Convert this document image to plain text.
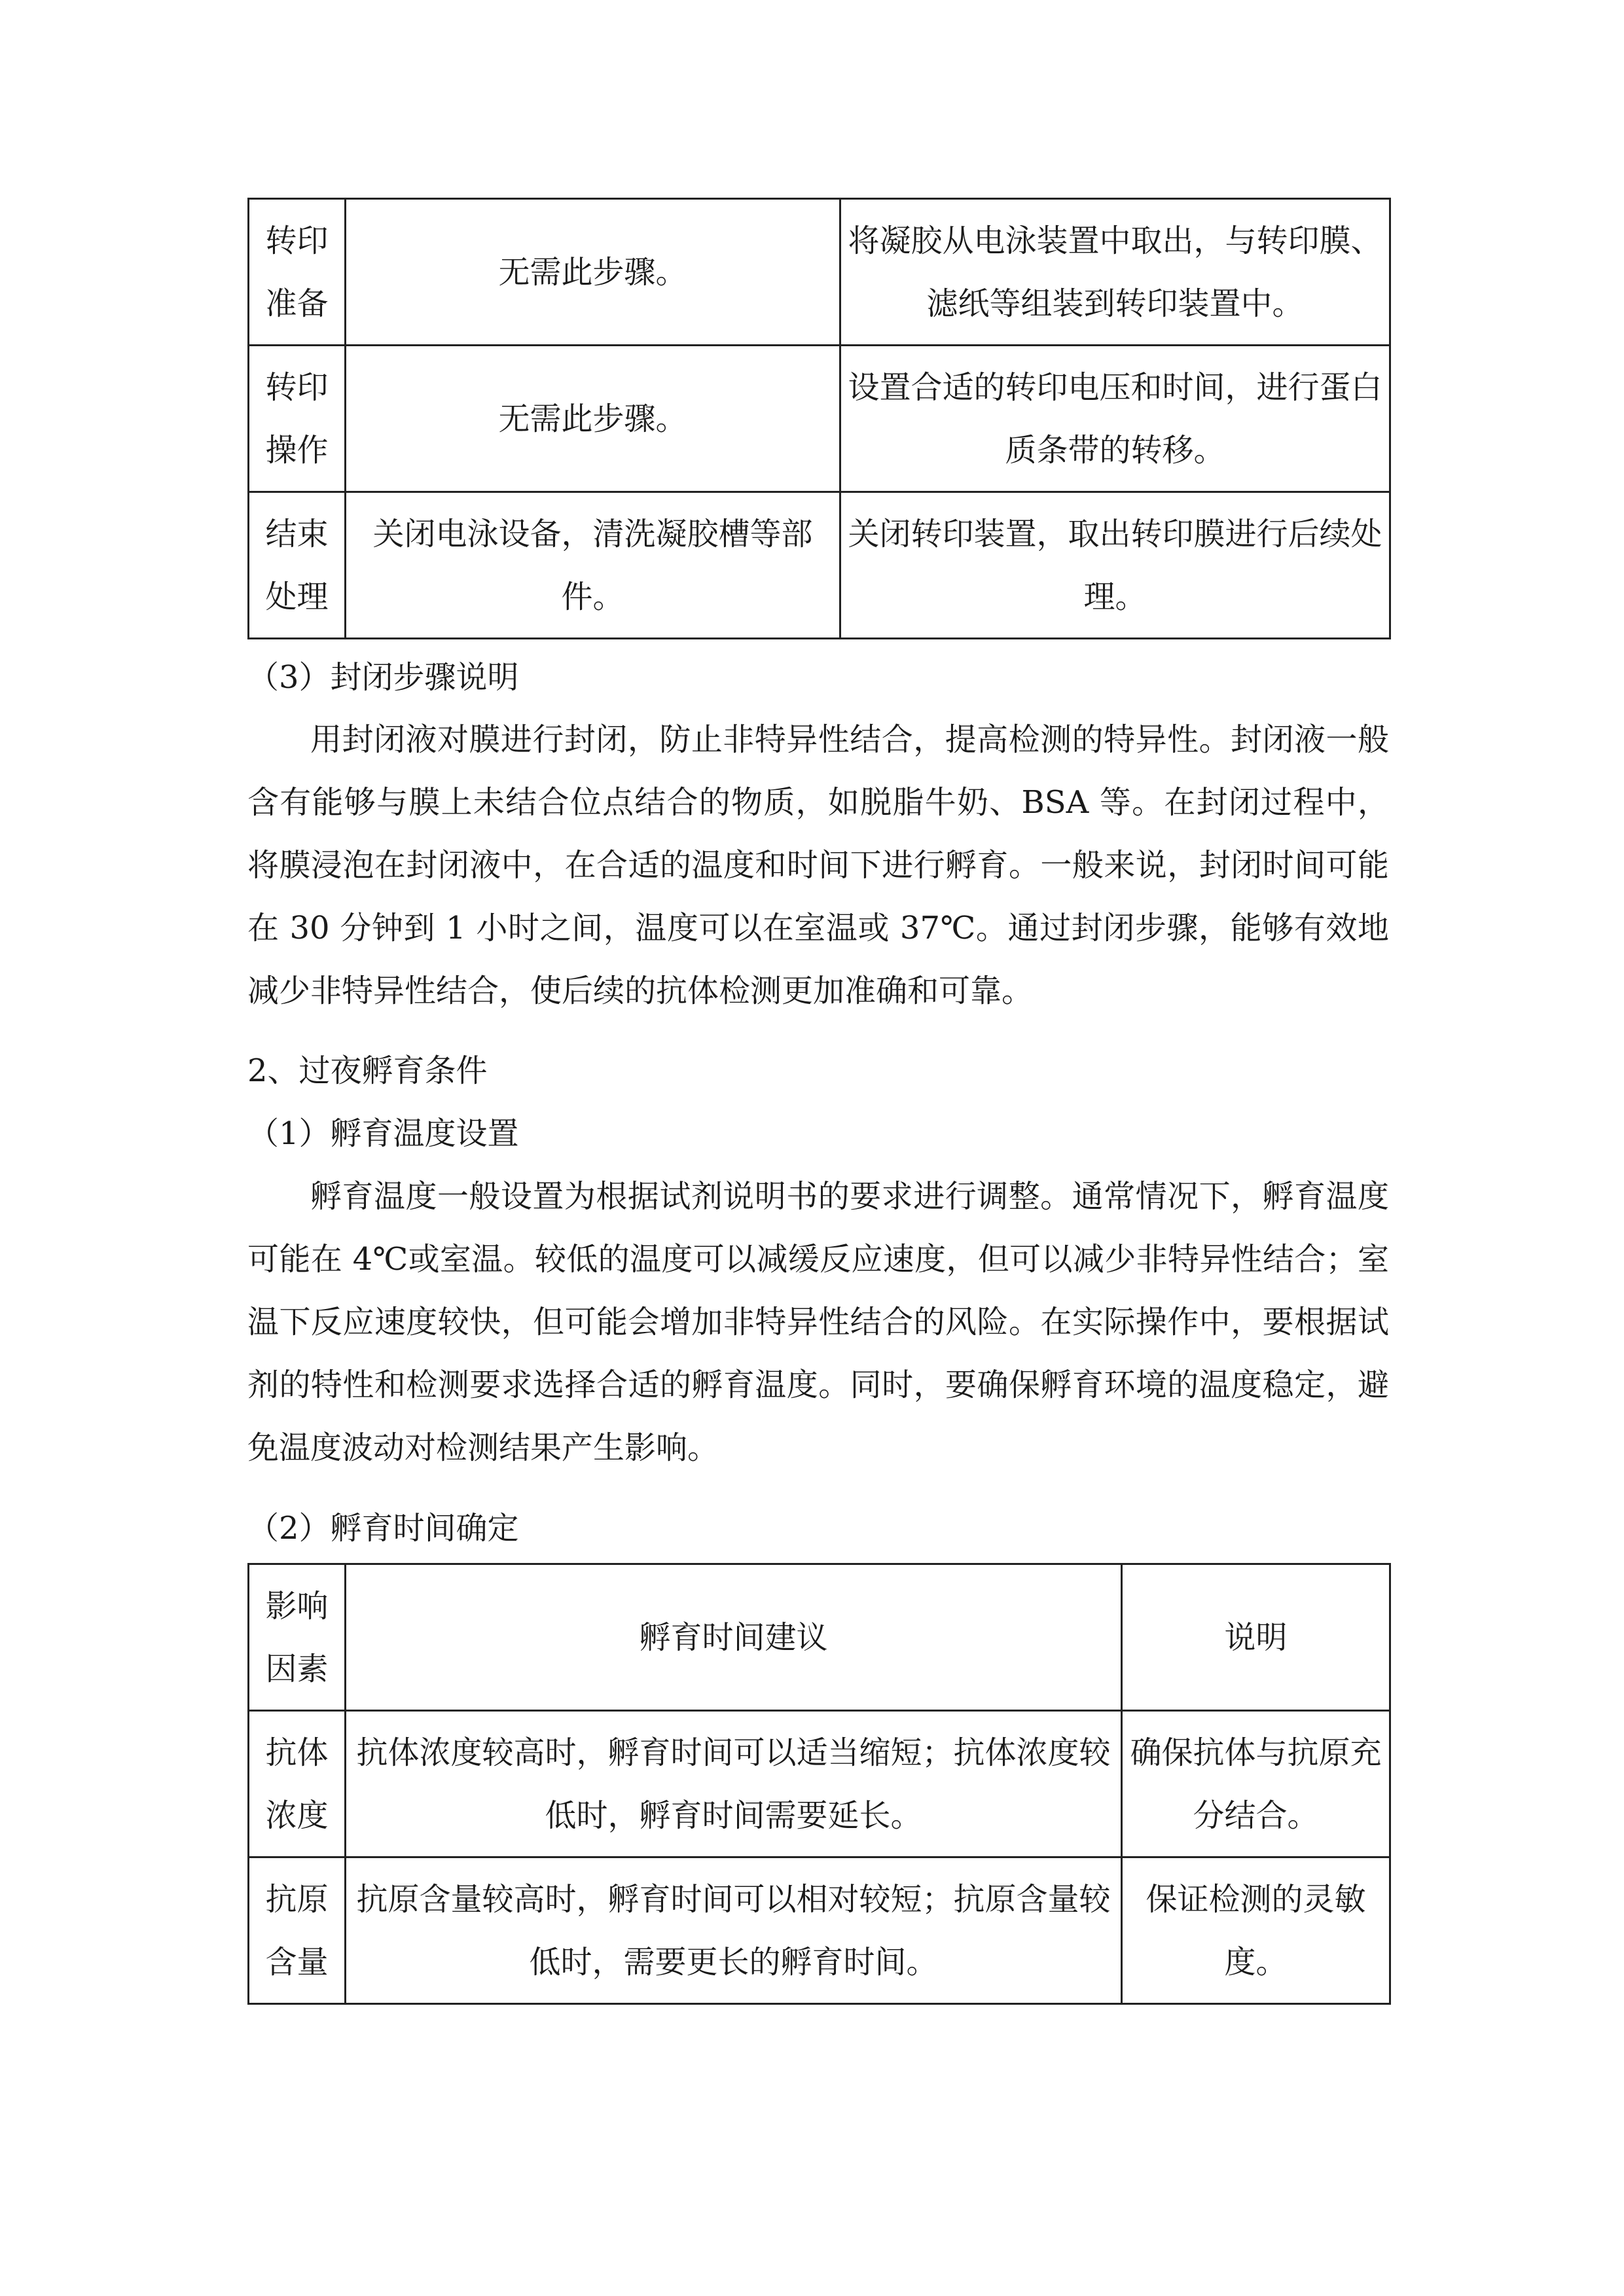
转印准备	无需此步骤。	将凝胶从电泳装置中取出，与转印膜、滤纸等组装到转印装置中。
转印操作	无需此步骤。	设置合适的转印电压和时间，进行蛋白质条带的转移。
结束处理	关闭电泳设备，清洗凝胶槽等部件。	关闭转印装置，取出转印膜进行后续处理。
（3）封闭步骤说明
用封闭液对膜进行封闭，防止非特异性结合，提高检测的特异性。封闭液一般含有能够与膜上未结合位点结合的物质，如脱脂牛奶、BSA 等。在封闭过程中，将膜浸泡在封闭液中，在合适的温度和时间下进行孵育。一般来说，封闭时间可能在 30 分钟到 1 小时之间，温度可以在室温或 37℃。通过封闭步骤，能够有效地减少非特异性结合，使后续的抗体检测更加准确和可靠。
2、过夜孵育条件
（1）孵育温度设置
孵育温度一般设置为根据试剂说明书的要求进行调整。通常情况下，孵育温度可能在 4℃或室温。较低的温度可以减缓反应速度，但可以减少非特异性结合；室温下反应速度较快，但可能会增加非特异性结合的风险。在实际操作中，要根据试剂的特性和检测要求选择合适的孵育温度。同时，要确保孵育环境的温度稳定，避免温度波动对检测结果产生影响。
（2）孵育时间确定
影响因素	孵育时间建议	说明
抗体浓度	抗体浓度较高时，孵育时间可以适当缩短；抗体浓度较低时，孵育时间需要延长。	确保抗体与抗原充分结合。
抗原含量	抗原含量较高时，孵育时间可以相对较短；抗原含量较低时，需要更长的孵育时间。	保证检测的灵敏度。
